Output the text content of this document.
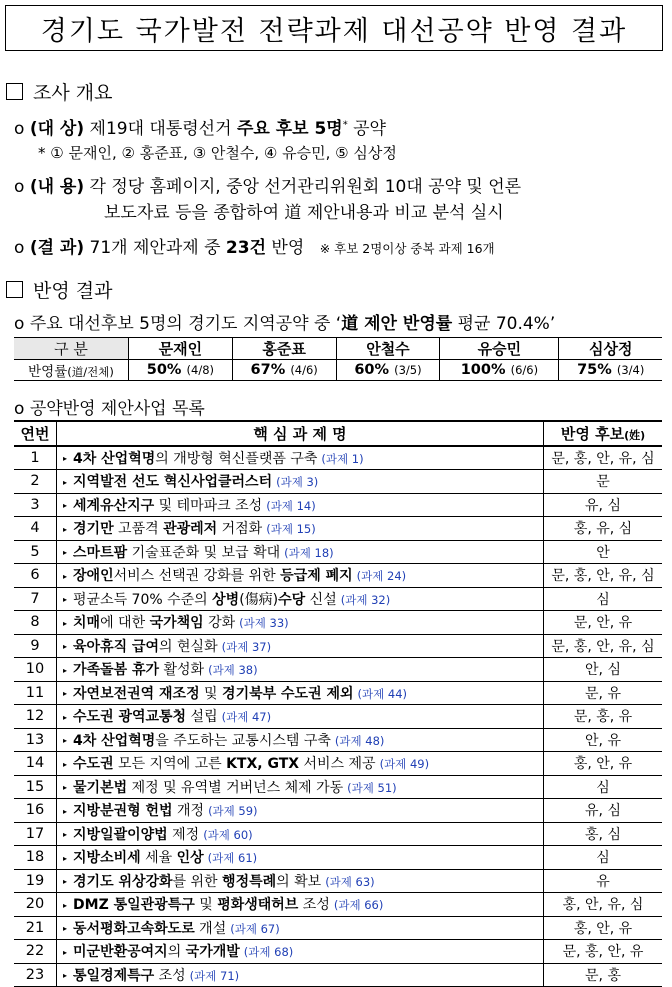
경기도 국가발전 전략과제 대선공약 반영 결과
조사 개요
o (대 상) 제19대 대통령선거 주요 후보 5명* 공약
* ① 문재인, ② 홍준표, ③ 안철수, ④ 유승민, ⑤ 심상정
o (내 용) 각 정당 홈페이지, 중앙 선거관리위원회 10대 공약 및 언론
보도자료 등을 종합하여 道 제안내용과 비교 분석 실시
o (결 과) 71개 제안과제 중 23건 반영 ※ 후보 2명이상 중복 과제 16개
반영 결과
o 주요 대선후보 5명의 경기도 지역공약 중 ‘道 제안 반영률 평균 70.4%’
구 분	문재인	홍준표	안철수	유승민	심상정
반영률(道/전체)	50% (4/8)	67% (4/6)	60% (3/5)	100% (6/6)	75% (3/4)
o 공약반영 제안사업 목록
연번	핵 심 과 제 명	반영 후보(姓)
1	▸ 4차 산업혁명의 개방형 혁신플랫폼 구축 (과제 1)	문, 홍, 안, 유, 심
2	▸ 지역발전 선도 혁신사업클러스터 (과제 3)	문
3	▸ 세계유산지구 및 테마파크 조성 (과제 14)	유, 심
4	▸ 경기만 고품격 관광레저 거점화 (과제 15)	홍, 유, 심
5	▸ 스마트팜 기술표준화 및 보급 확대 (과제 18)	안
6	▸ 장애인서비스 선택권 강화를 위한 등급제 폐지 (과제 24)	문, 홍, 안, 유, 심
7	▸ 평균소득 70% 수준의 상병(傷病)수당 신설 (과제 32)	심
8	▸ 치매에 대한 국가책임 강화 (과제 33)	문, 안, 유
9	▸ 육아휴직 급여의 현실화 (과제 37)	문, 홍, 안, 유, 심
10	▸ 가족돌봄 휴가 활성화 (과제 38)	안, 심
11	▸ 자연보전권역 재조정 및 경기북부 수도권 제외 (과제 44)	문, 유
12	▸ 수도권 광역교통청 설립 (과제 47)	문, 홍, 유
13	▸ 4차 산업혁명을 주도하는 교통시스템 구축 (과제 48)	안, 유
14	▸ 수도권 모든 지역에 고른 KTX, GTX 서비스 제공 (과제 49)	홍, 안, 유
15	▸ 물기본법 제정 및 유역별 거버넌스 체제 가동 (과제 51)	심
16	▸ 지방분권형 헌법 개정 (과제 59)	유, 심
17	▸ 지방일괄이양법 제정 (과제 60)	홍, 심
18	▸ 지방소비세 세율 인상 (과제 61)	심
19	▸ 경기도 위상강화를 위한 행정특례의 확보 (과제 63)	유
20	▸ DMZ 통일관광특구 및 평화생태허브 조성 (과제 66)	홍, 안, 유, 심
21	▸ 동서평화고속화도로 개설 (과제 67)	홍, 안, 유
22	▸ 미군반환공여지의 국가개발 (과제 68)	문, 홍, 안, 유
23	▸ 통일경제특구 조성 (과제 71)	문, 홍
